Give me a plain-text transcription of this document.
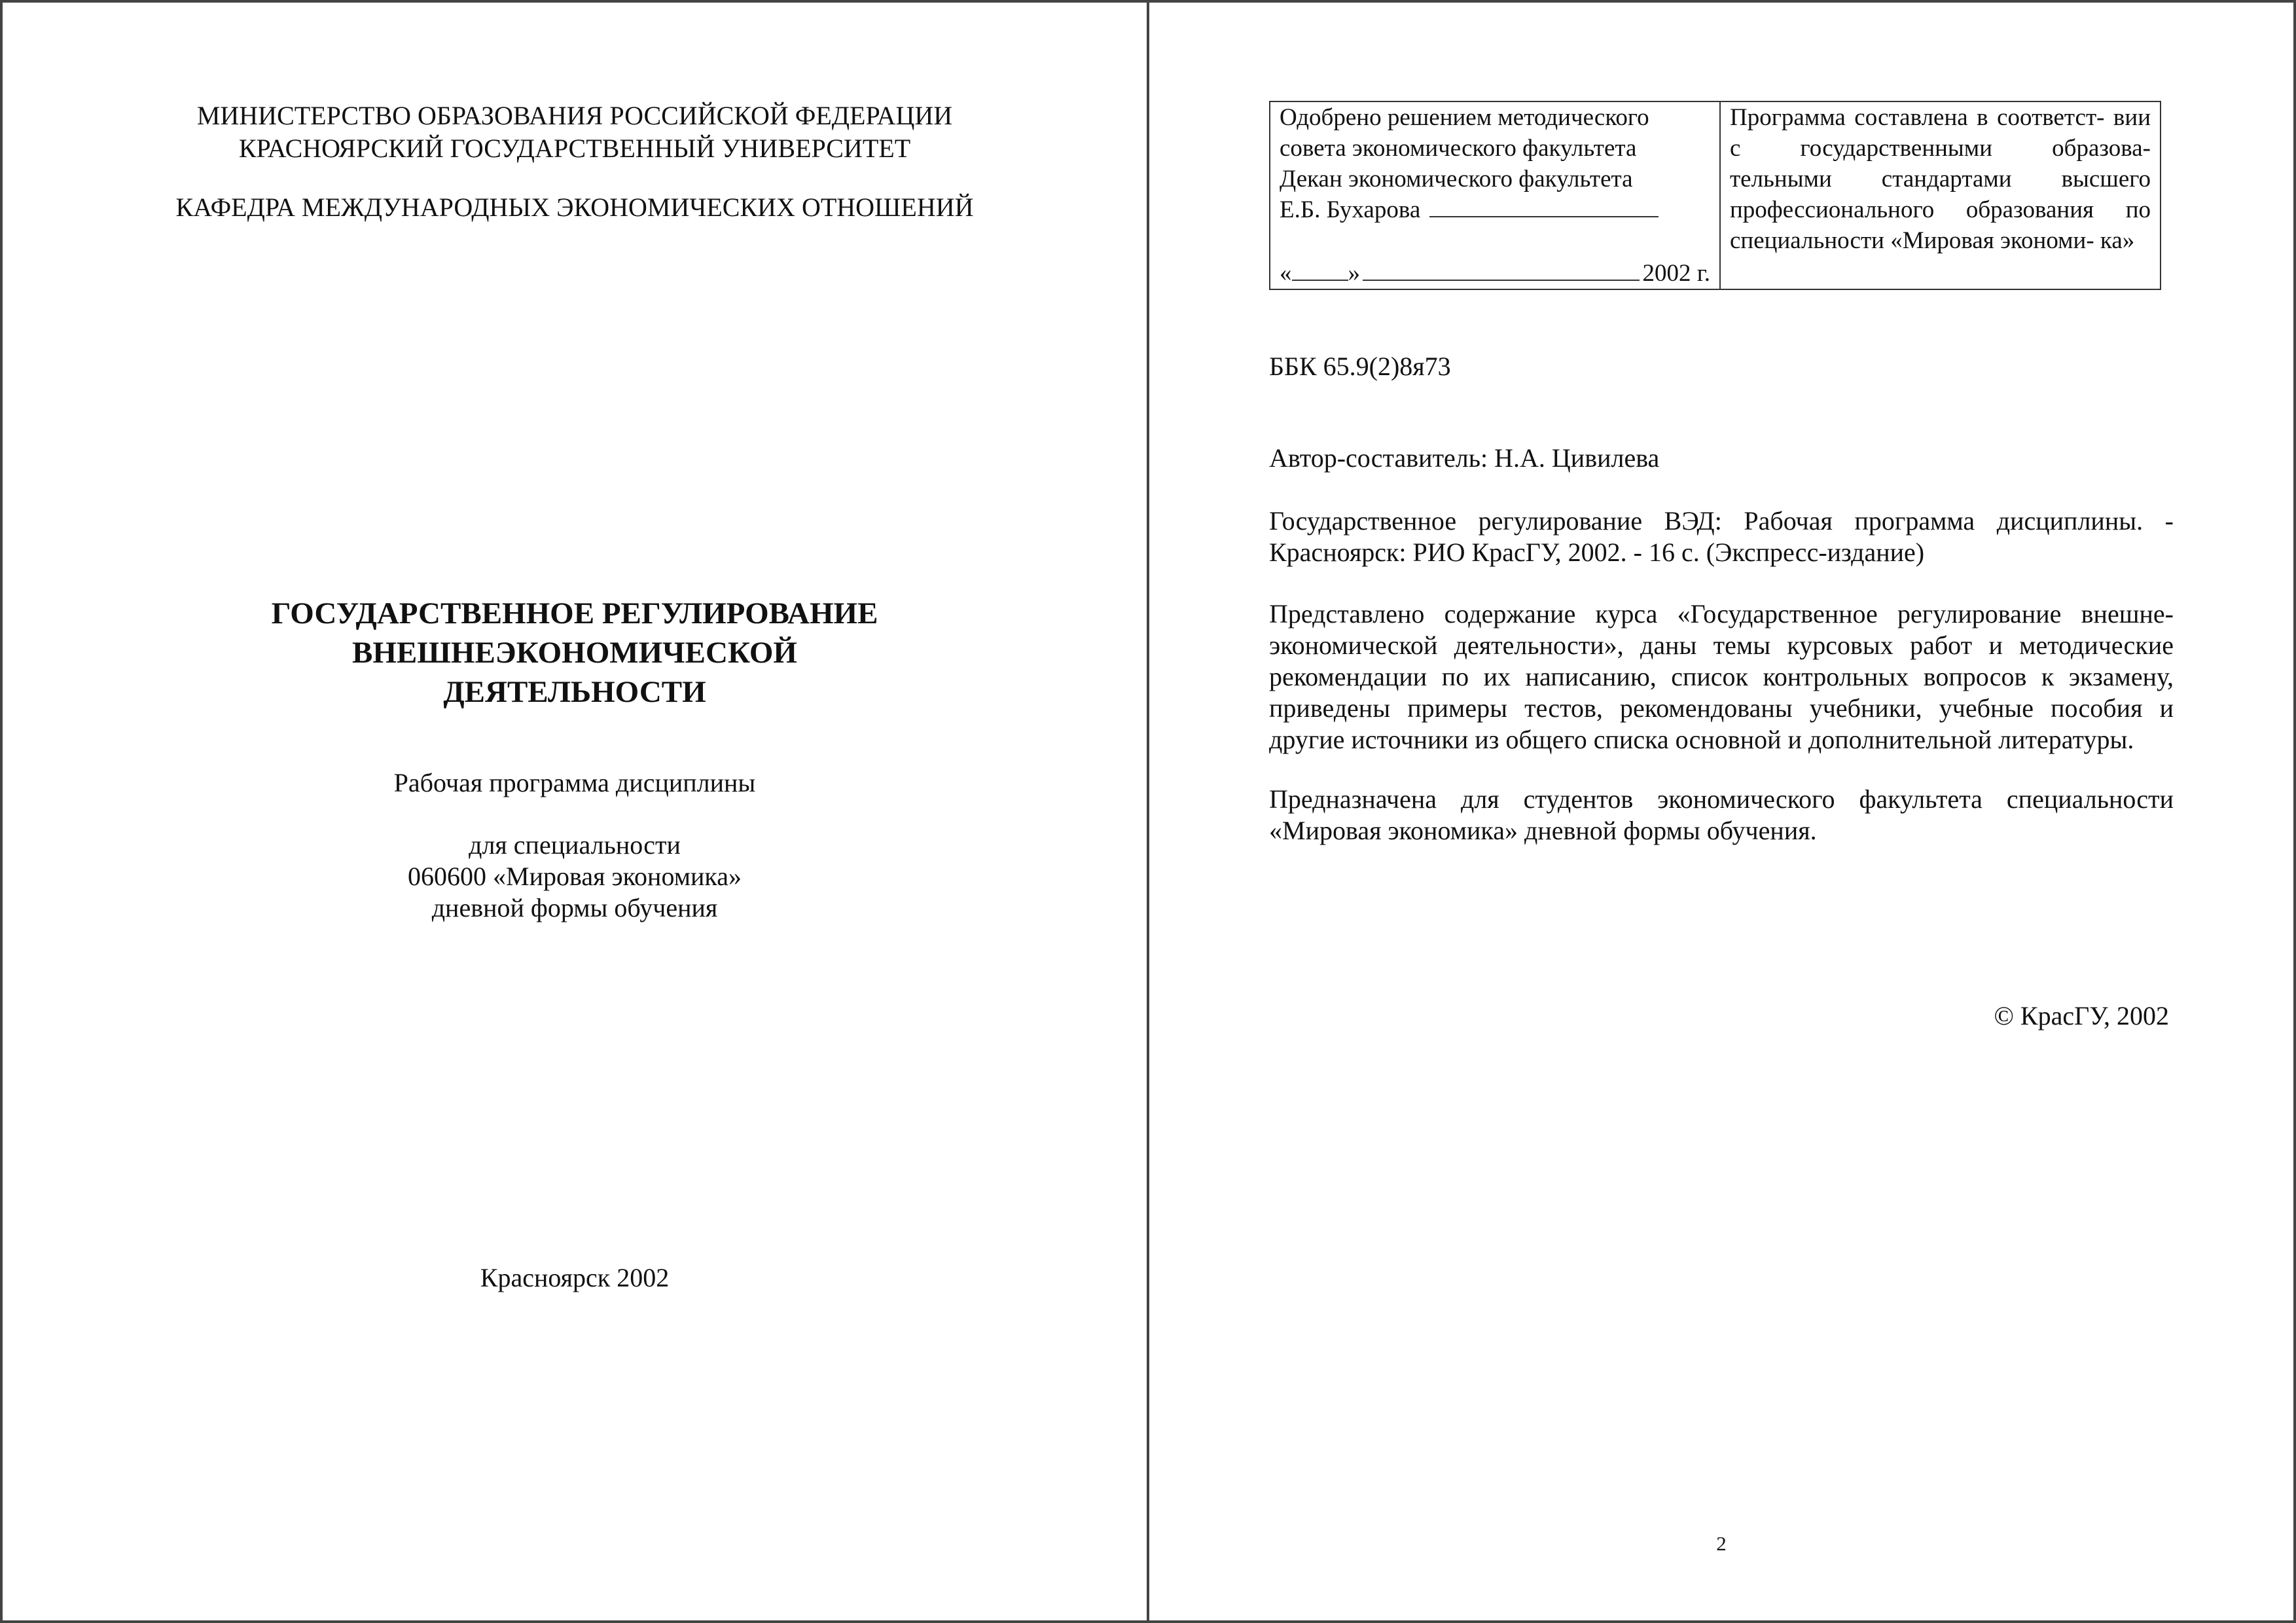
МИНИСТЕРСТВО ОБРАЗОВАНИЯ РОССИЙСКОЙ ФЕДЕРАЦИИ
КРАСНОЯРСКИЙ ГОСУДАРСТВЕННЫЙ УНИВЕРСИТЕТ
КАФЕДРА МЕЖДУНАРОДНЫХ ЭКОНОМИЧЕСКИХ ОТНОШЕНИЙ
ГОСУДАРСТВЕННОЕ РЕГУЛИРОВАНИЕ
ВНЕШНЕЭКОНОМИЧЕСКОЙ
ДЕЯТЕЛЬНОСТИ
Рабочая программа дисциплины
для специальности
060600 «Мировая экономика»
дневной формы обучения
Красноярск 2002
Одобрено решением методического
совета экономического факультета
Декан экономического факультета
Е.Б. Бухарова
« »	2002 г.
Программа составлена в соответст- вии с государственными образова- тельными стандартами высшего профессионального образования по специальности «Мировая экономи- ка»
ББК 65.9(2)8я73
Автор-составитель: Н.А. Цивилева
Государственное регулирование ВЭД: Рабочая программа дисциплины. - Красноярск: РИО КрасГУ, 2002. - 16 с. (Экспресс-издание)
Представлено содержание курса «Государственное регулирование внешне- экономической деятельности», даны темы курсовых работ и методические рекомендации по их написанию, список контрольных вопросов к экзамену, приведены примеры тестов, рекомендованы учебники, учебные пособия и другие источники из общего списка основной и дополнительной литературы.
Предназначена для студентов экономического факультета специальности «Мировая экономика» дневной формы обучения.
© КрасГУ, 2002
2
